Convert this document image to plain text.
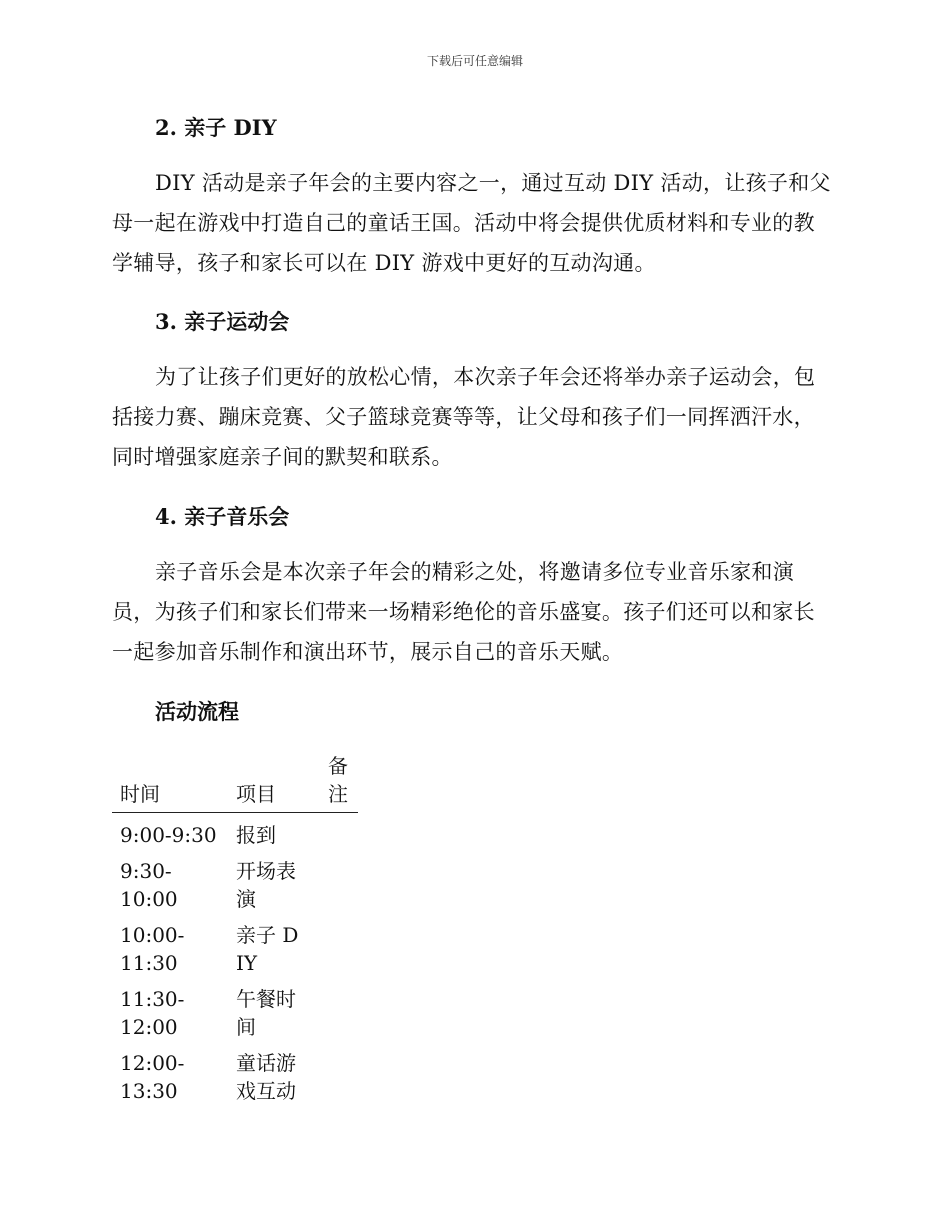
下载后可任意编辑
2. 亲子 DIY
DIY 活动是亲子年会的主要内容之一，通过互动 DIY 活动，让孩子和父母一起在游戏中打造自己的童话王国。活动中将会提供优质材料和专业的教学辅导，孩子和家长可以在 DIY 游戏中更好的互动沟通。
3. 亲子运动会
为了让孩子们更好的放松心情，本次亲子年会还将举办亲子运动会，包括接力赛、蹦床竞赛、父子篮球竞赛等等，让父母和孩子们一同挥洒汗水，同时增强家庭亲子间的默契和联系。
4. 亲子音乐会
亲子音乐会是本次亲子年会的精彩之处，将邀请多位专业音乐家和演员，为孩子们和家长们带来一场精彩绝伦的音乐盛宴。孩子们还可以和家长一起参加音乐制作和演出环节，展示自己的音乐天赋。
活动流程
时间	项目	备注

9:00-9:30	报到	

9:30-10:00	开场表演	

10:00-11:30	亲子 DIY	

11:30-12:00	午餐时间	

12:00-13:30	童话游戏互动	
